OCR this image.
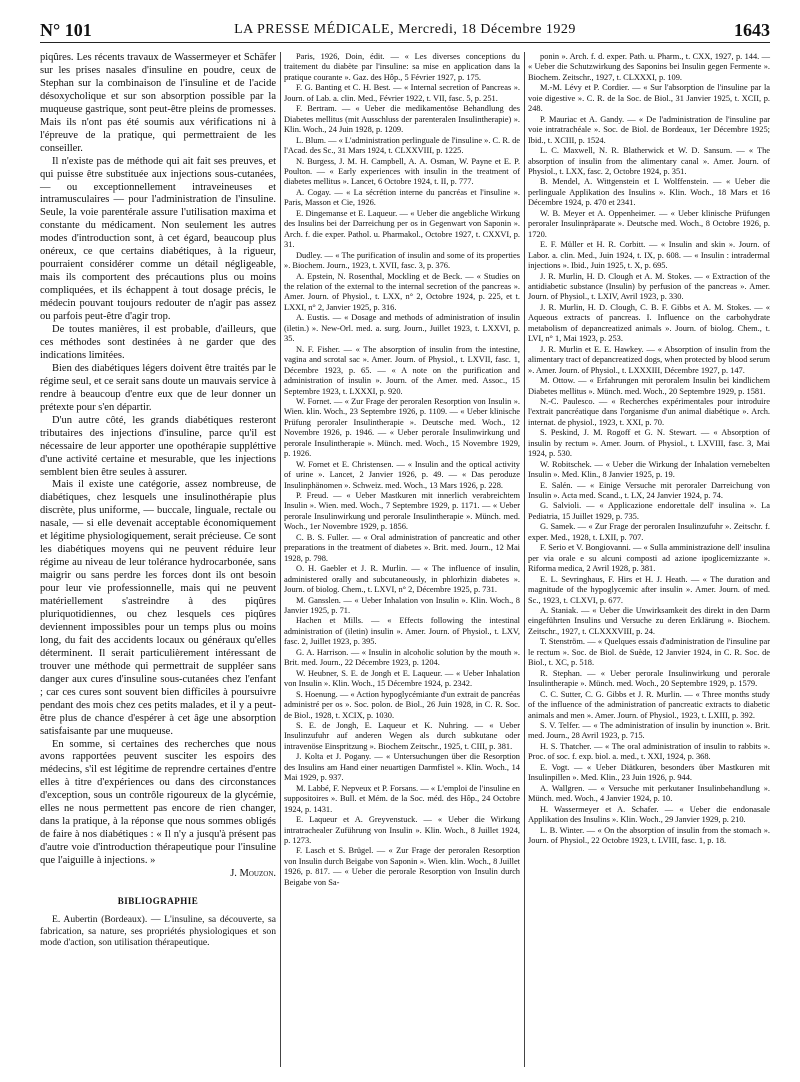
N° 101	LA PRESSE MÉDICALE, Mercredi, 18 Décembre 1929	1643

piqûres. Les récents travaux de Wassermeyer et Schäfer sur les prises nasales d'insuline en poudre, ceux de Stephan sur la combinaison de l'insuline et de l'acide désoxycholique et sur son absorption possible par la muqueuse gastrique, sont peut-être pleins de promesses. Mais ils n'ont pas été soumis aux vérifications ni à l'épreuve de la pratique, qui permettraient de les conseiller.

Il n'existe pas de méthode qui ait fait ses preuves, et qui puisse être substituée aux injections sous-cutanées, — ou exceptionnellement intraveineuses et intramusculaires — pour l'administration de l'insuline. Seule, la voie parentérale assure l'utilisation maxima et constante du médicament. Non seulement les autres modes d'introduction sont, à cet égard, beaucoup plus onéreux, ce que certains diabétiques, à la rigueur, pourraient considérer comme un détail négligeable, mais ils comportent des précautions plus ou moins compliquées, et ils échappent à tout dosage précis, le médecin pouvant toujours redouter de n'agir pas assez ou parfois peut-être d'agir trop.

De toutes manières, il est probable, d'ailleurs, que ces méthodes sont destinées à ne garder que des indications limitées.

Bien des diabétiques légers doivent être traités par le régime seul, et ce serait sans doute un mauvais service à rendre à beaucoup d'entre eux que de leur donner un prétexte pour s'en départir.

D'un autre côté, les grands diabétiques resteront tributaires des injections d'insuline, parce qu'il est nécessaire de leur apporter une opothérapie suppléttive d'une activité certaine et mesurable, que les injections semblent bien être seules à assurer.

Mais il existe une catégorie, assez nombreuse, de diabétiques, chez lesquels une insulinothérapie plus discrète, plus uniforme, — buccale, linguale, rectale ou nasale, — si elle devenait acceptable économiquement et légitime physiologiquement, serait précieuse. Ce sont les diabétiques moyens qui ne peuvent réduire leur régime au niveau de leur tolérance hydrocarbonée, sans maigrir ou sans perdre les forces dont ils ont besoin pour leur vie professionnelle, mais qui ne peuvent matériellement s'astreindre à des piqûres pluriquotidiennes, ou chez lesquels ces piqûres deviennent impossibles pour un temps plus ou moins long, du fait des accidents locaux ou généraux qu'elles déterminent. Il serait particulièrement intéressant de trouver une méthode qui permettrait de suppléer sans danger aux cures d'insuline sous-cutanées chez l'enfant ; car ces cures sont souvent bien difficiles à poursuivre pendant des mois chez ces petits malades, et il y a peut-être plus de chance d'espérer à cet âge une absorption satisfaisante par une muqueuse.

En somme, si certaines des recherches que nous avons rapportées peuvent susciter les espoirs des médecins, s'il est légitime de reprendre certaines d'entre elles à titre d'expériences ou dans des circonstances d'exception, sous un contrôle rigoureux de la glycémie, elles ne nous permettent pas encore de rien changer, dans la pratique, à la réponse que nous sommes obligés de faire à nos diabétiques : « Il n'y a jusqu'à présent pas d'autre voie d'introduction thérapeutique pour l'insuline que l'aiguille à injections. »

J. Mouzon.

BIBLIOGRAPHIE

E. Aubertin (Bordeaux). — L'insuline, sa découverte, sa fabrication, sa nature, ses propriétés physiologiques et son mode d'action, son utilisation thérapeutique.

Paris, 1926, Doin, édit. — « Les diverses conceptions du traitement du diabète par l'insuline: sa mise en application dans la pratique courante ». Gaz. des Hôp., 5 Février 1927, p. 175.

F. G. Banting et C. H. Best. — « Internal secretion of Pancreas ». Journ. of Lab. a. clin. Med., Février 1922, t. VII, fasc. 5, p. 251.

F. Bertram. — « Ueber die medikamentöse Behandlung des Diabetes mellitus (mit Ausschluss der parenteralen Insulintherapie) ». Klin. Woch., 24 Juin 1928, p. 1209.

L. Blum. — « L'administration perlinguale de l'insuline ». C. R. de l'Acad. des Sc., 31 Mars 1924, t. CLXXVIII, p. 1225.

N. Burgess, J. M. H. Campbell, A. A. Osman, W. Payne et E. P. Poulton. — « Early experiences with insulin in the treatment of diabetes mellitus ». Lancet, 6 Octobre 1924, t. II, p. 777.

A. Cogay. — « La sécrétion interne du pancréas et l'insuline ». Paris, Masson et Cie, 1926.

E. Dingemanse et E. Laqueur. — « Ueber die angebliche Wirkung des Insulins bei der Darreichung per os in Gegenwart von Saponin ». Arch. f. die exper. Pathol. u. Pharmakol., Octobre 1927, t. CXXVI, p. 31.

Dudley. — « The purification of insulin and some of its properties ». Biochem. Journ., 1923, t. XVII, fasc. 3, p. 376.

A. Epstein, N. Rosenthal, Mockling et de Beck. — « Studies on the relation of the external to the internal secretion of the pancreas ». Amer. Journ. of Physiol., t. LXX, n° 2, Octobre 1924, p. 225, et t. LXXI, n° 2, Janvier 1925, p. 316.

A. Eustis. — « Dosage and methods of administration of insulin (iletin.) ». New-Orl. med. a. surg. Journ., Juillet 1923, t. LXXVI, p. 35.

N. F. Fisher. — « The absorption of insulin from the intestine, vagina and scrotal sac ». Amer. Journ. of Physiol., t. LXVII, fasc. 1, Décembre 1923, p. 65. — « A note on the purification and administration of insulin ». Journ. of the Amer. med. Assoc., 15 Septembre 1923, t. LXXXI, p. 920.

W. Fornet. — « Zur Frage der peroralen Resorption von Insulin ». Wien. klin. Woch., 23 Septembre 1926, p. 1109. — « Ueber klinische Prüfung peroraler Insulintherapie ». Deutsche med. Woch., 12 Novembre 1926, p. 1946. — « Ueber perorale Insulinwirkung und perorale Insulintherapie ». Münch. med. Woch., 15 Novembre 1929, p. 1926.

W. Fornet et E. Christensen. — « Insulin and the optical activity of urine ». Lancet, 2 Janvier 1926, p. 49. — « Das peroduze Insulinphänomen ». Schweiz. med. Woch., 13 Mars 1926, p. 228.

P. Freud. — « Ueber Mastkuren mit innerlich verabreichtem Insulin ». Wien. med. Woch., 7 Septembre 1929, p. 1171. — « Ueber perorale Insulinwirkung und perorale Insulintherapie ». Münch. med. Woch., 1er Novembre 1929, p. 1856.

C. B. S. Fuller. — « Oral administration of pancreatic and other preparations in the treatment of diabetes ». Brit. med. Journ., 12 Mai 1928, p. 798.

O. H. Gaebler et J. R. Murlin. — « The influence of insulin, administered orally and subcutaneously, in phlorhizin diabetes ». Journ. of biolog. Chem., t. LXVI, n° 2, Décembre 1925, p. 731.

M. Gansslen. — « Ueber Inhalation von Insulin ». Klin. Woch., 8 Janvier 1925, p. 71.

Hachen et Mills. — « Effects following the intestinal administration of (iletin) insulin ». Amer. Journ. of Physiol., t. LXV, fasc. 2, Juillet 1923, p. 395.

G. A. Harrison. — « Insulin in alcoholic solution by the mouth ». Brit. med. Journ., 22 Décembre 1923, p. 1204.

W. Heubner, S. E. de Jongh et E. Laqueur. — « Ueber Inhalation von Insulin ». Klin. Woch., 15 Décembre 1924, p. 2342.

S. Hoenung. — « Action hypoglycémiante d'un extrait de pancréas administré per os ». Soc. polon. de Biol., 26 Juin 1928, in C. R. Soc. de Biol., 1928, t. XCIX, p. 1030.

S. E. de Jongh, E. Laqueur et K. Nuhring. — « Ueber Insulinzufuhr auf anderen Wegen als durch subkutane oder intravenöse Einspritzung ». Biochem Zeitschr., 1925, t. CIII, p. 381.

J. Kolta et J. Pogany. — « Untersuchungen über die Resorption des Insulins am Hand einer neuartigen Darmfistel ». Klin. Woch., 14 Mai 1929, p. 937.

M. Labbé, F. Nepveux et P. Forsans. — « L'emploi de l'insuline en suppositoires ». Bull. et Mém. de la Soc. méd. des Hôp., 24 Octobre 1924, p. 1431.

E. Laqueur et A. Greyvenstuck. — « Ueber die Wirkung intratrachealer Zuführung von Insulin ». Klin. Woch., 8 Juillet 1924, p. 1273.

F. Lasch et S. Brügel. — « Zur Frage der peroralen Resorption von Insulin durch Beigabe von Saponin ». Wien. klin. Woch., 8 Juillet 1926, p. 817. — « Ueber die perorale Resorption von Insulin durch Beigabe von Sa-

ponin ». Arch. f. d. exper. Path. u. Pharm., t. CXX, 1927, p. 144. — « Ueber die Schutzwirkung des Saponins bei Insulin gegen Fermente ». Biochem. Zeitschr., 1927, t. CLXXXI, p. 109.

M.-M. Lévy et P. Cordier. — « Sur l'absorption de l'insuline par la voie digestive ». C. R. de la Soc. de Biol., 31 Janvier 1925, t. XCII, p. 248.

P. Mauriac et A. Gandy. — « De l'administration de l'insuline par voie intratrachéale ». Soc. de Biol. de Bordeaux, 1er Décembre 1925; Ibid., t. XCIII, p. 1524.

L. C. Maxwell, N. R. Blatherwick et W. D. Sansum. — « The absorption of insulin from the alimentary canal ». Amer. Journ. of Physiol., t. LXX, fasc. 2, Octobre 1924, p. 351.

B. Mendel, A. Wittgenstein et I. Wolffenstein. — « Ueber die perlinguale Applikation des Insulins ». Klin. Woch., 18 Mars et 16 Décembre 1924, p. 470 et 2341.

W. B. Meyer et A. Oppenheimer. — « Ueber klinische Prüfungen peroraler Insulinpräparate ». Deutsche med. Woch., 8 Octobre 1926, p. 1720.

E. F. Müller et H. R. Corbitt. — « Insulin and skin ». Journ. of Labor. a. clin. Med., Juin 1924, t. IX, p. 608. — « Insulin : intradermal injections ». Ibid., Juin 1925, t. X, p. 695.

J. R. Murlin, H. D. Clough et A. M. Stokes. — « Extraction of the antidiabetic substance (Insulin) by perfusion of the pancreas ». Amer. Journ. of Physiol., t. LXIV, Avril 1923, p. 330.

J. R. Murlin, H. D. Clough, C. B. F. Gibbs et A. M. Stokes. — « Aqueous extracts of pancreas. I. Influence on the carbohydrate metabolism of depancreatized animals ». Journ. of biolog. Chem., t. LVI, n° 1, Mai 1923, p. 253.

J. R. Murlin et E. E. Hawkey. — « Absorption of insulin from the alimentary tract of depancreatized dogs, when protected by blood serum ». Amer. Journ. of Physiol., t. LXXXIII, Décembre 1927, p. 147.

M. Ottow. — « Erfahrungen mit peroralem Insulin bei kindlichem Diabetes mellitus ». Münch. med. Woch., 20 Septembre 1929, p. 1581.

N.-C. Paulesco. — « Recherches expérimentales pour introduire l'extrait pancréatique dans l'organisme d'un animal diabétique ». Arch. internat. de physiol., 1923, t. XXI, p. 70.

S. Peskind, J. M. Rogoff et G. N. Stewart. — « Absorption of insulin by rectum ». Amer. Journ. of Physiol., t. LXVIII, fasc. 3, Mai 1924, p. 530.

W. Robitschek. — « Ueber die Wirkung der Inhalation vernebelten Insulin ». Med. Klin., 8 Janvier 1925, p. 19.

E. Salén. — « Einige Versuche mit peroraler Darreichung von Insulin ». Acta med. Scand., t. LX, 24 Janvier 1924, p. 74.

G. Salvioli. — « Applicazione endorettale dell' insulina ». La Pediatria, 15 Juillet 1929, p. 735.

G. Samek. — « Zur Frage der peroralen Insulinzufuhr ». Zeitschr. f. exper. Med., 1928, t. LXII, p. 707.

F. Serio et V. Bongiovanni. — « Sulla amministrazione dell' insulina per via orale e su alcuni composti ad azione ipoglicemizzante ». Riforma medica, 2 Avril 1928, p. 381.

E. L. Sevringhaus, F. Hirs et H. J. Heath. — « The duration and magnitude of the hypoglycemic after insulin ». Amer. Journ. of med. Sc., 1923, t. CLXVI, p. 677.

A. Staniak. — « Ueber die Unwirksamkeit des direkt in den Darm eingeführten Insulins und Versuche zu deren Erklärung ». Biochem. Zeitschr., 1927, t. CLXXXVIII, p. 24.

T. Stenström. — « Quelques essais d'administration de l'insuline par le rectum ». Soc. de Biol. de Suède, 12 Janvier 1924, in C. R. Soc. de Biol., t. XC, p. 518.

R. Stephan. — « Ueber perorale Insulinwirkung und perorale Insulintherapie ». Münch. med. Woch., 20 Septembre 1929, p. 1579.

C. C. Sutter, C. G. Gibbs et J. R. Murlin. — « Three months study of the influence of the administration of pancreatic extracts to diabetic animals and men ». Amer. Journ. of Physiol., 1923, t. LXIII, p. 392.

S. V. Telfer. — « The administration of insulin by inunction ». Brit. med. Journ., 28 Avril 1923, p. 715.

H. S. Thatcher. — « The oral administration of insulin to rabbits ». Proc. of soc. f. exp. biol. a. med., t. XXI, 1924, p. 368.

E. Vogt. — « Ueber Diätkuren, besonders über Mastkuren mit Insulinpillen ». Med. Klin., 23 Juin 1926, p. 944.

A. Wallgren. — « Versuche mit perkutaner Insulinbehandlung ». Münch. med. Woch., 4 Janvier 1924, p. 10.

H. Wassermeyer et A. Schafer. — « Ueber die endonasale Applikation des Insulins ». Klin. Woch., 29 Janvier 1929, p. 210.

L. B. Winter. — « On the absorption of insulin from the stomach ». Journ. of Physiol., 22 Octobre 1923, t. LVIII, fasc. 1, p. 18.
